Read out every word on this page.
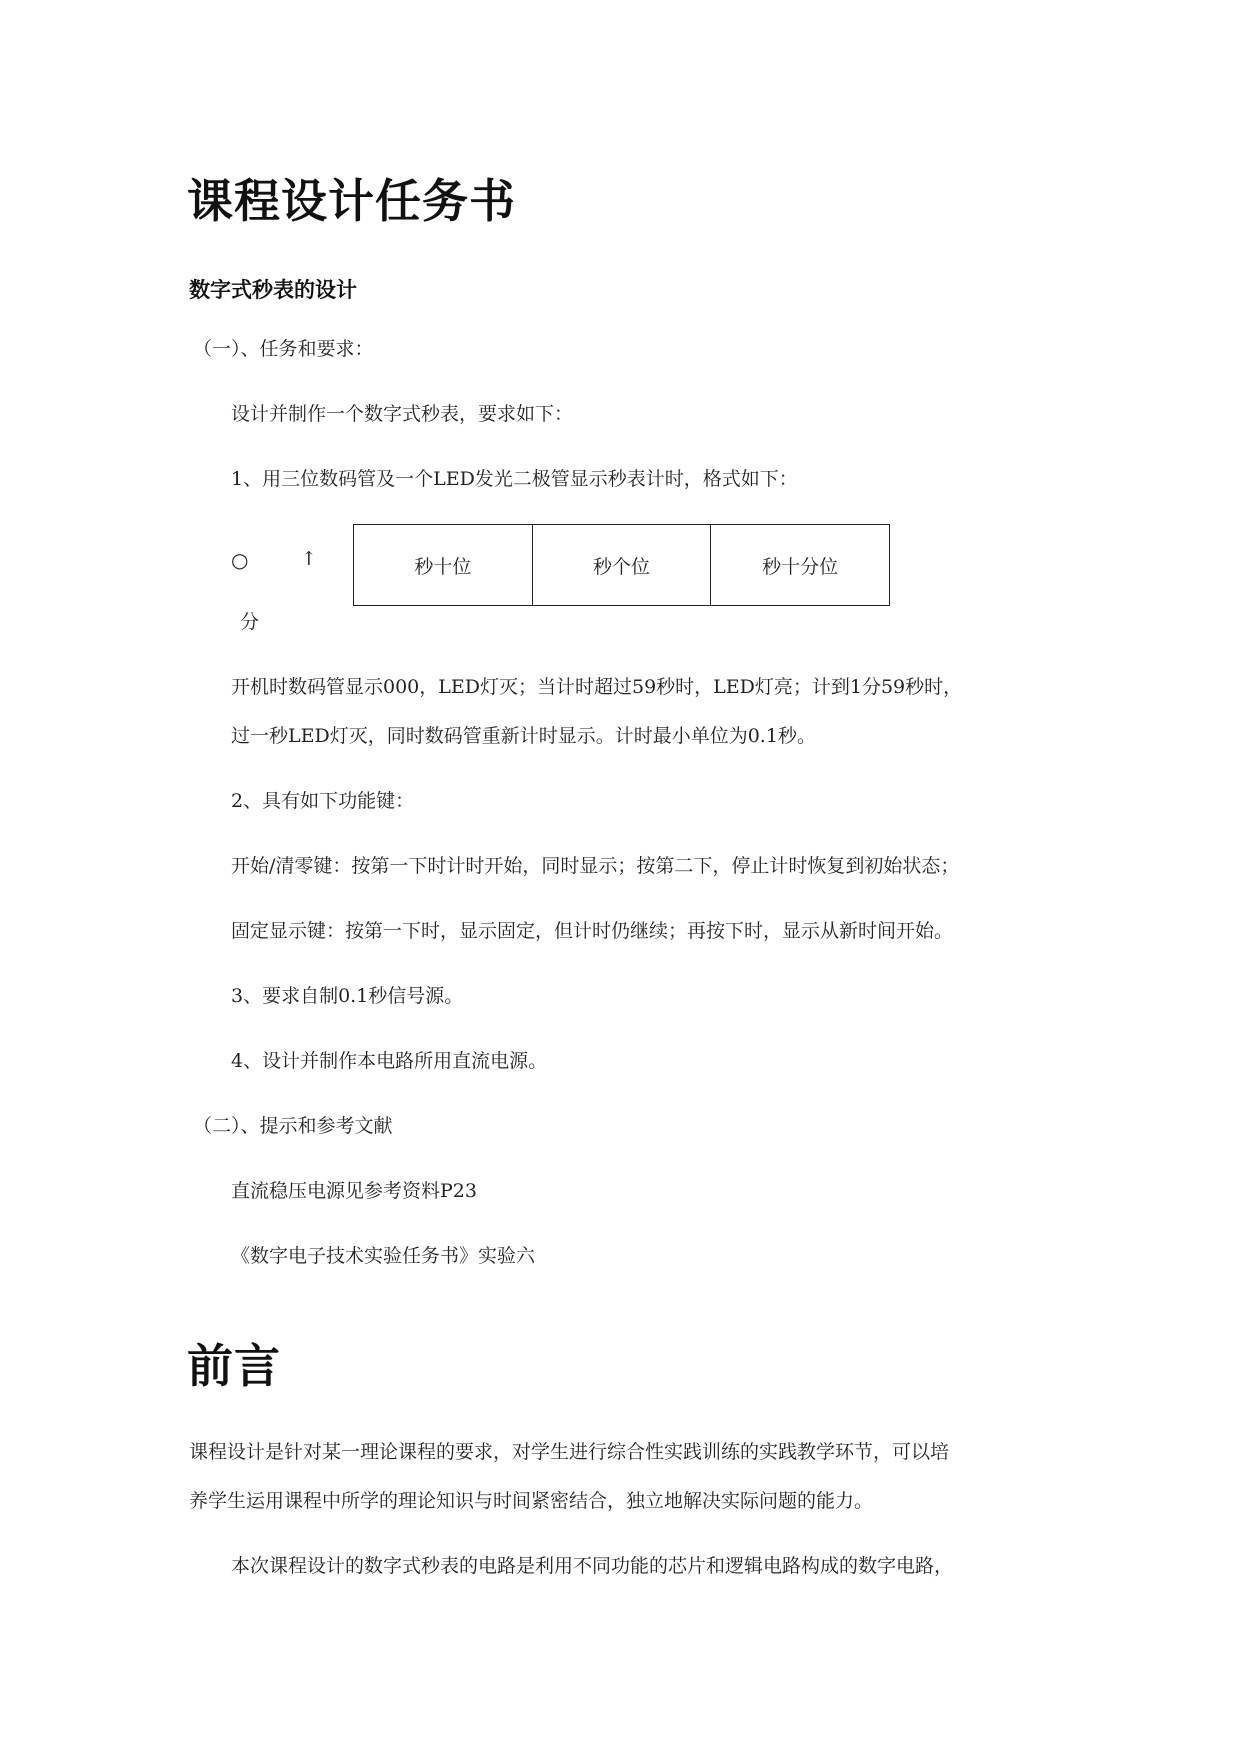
课程设计任务书
数字式秒表的设计
（一）、任务和要求：
设计并制作一个数字式秒表，要求如下：
1、用三位数码管及一个LED发光二极管显示秒表计时，格式如下：
○	↑	秒十位	秒个位	秒十分位
分
开机时数码管显示000，LED灯灭；当计时超过59秒时，LED灯亮；计到1分59秒时，
过一秒LED灯灭，同时数码管重新计时显示。计时最小单位为0.1秒。
2、具有如下功能键：
开始/清零键：按第一下时计时开始，同时显示；按第二下，停止计时恢复到初始状态；
固定显示键：按第一下时，显示固定，但计时仍继续；再按下时，显示从新时间开始。
3、要求自制0.1秒信号源。
4、设计并制作本电路所用直流电源。
（二）、提示和参考文献
直流稳压电源见参考资料P23
《数字电子技术实验任务书》实验六
前言
课程设计是针对某一理论课程的要求，对学生进行综合性实践训练的实践教学环节，可以培
养学生运用课程中所学的理论知识与时间紧密结合，独立地解决实际问题的能力。
本次课程设计的数字式秒表的电路是利用不同功能的芯片和逻辑电路构成的数字电路，
